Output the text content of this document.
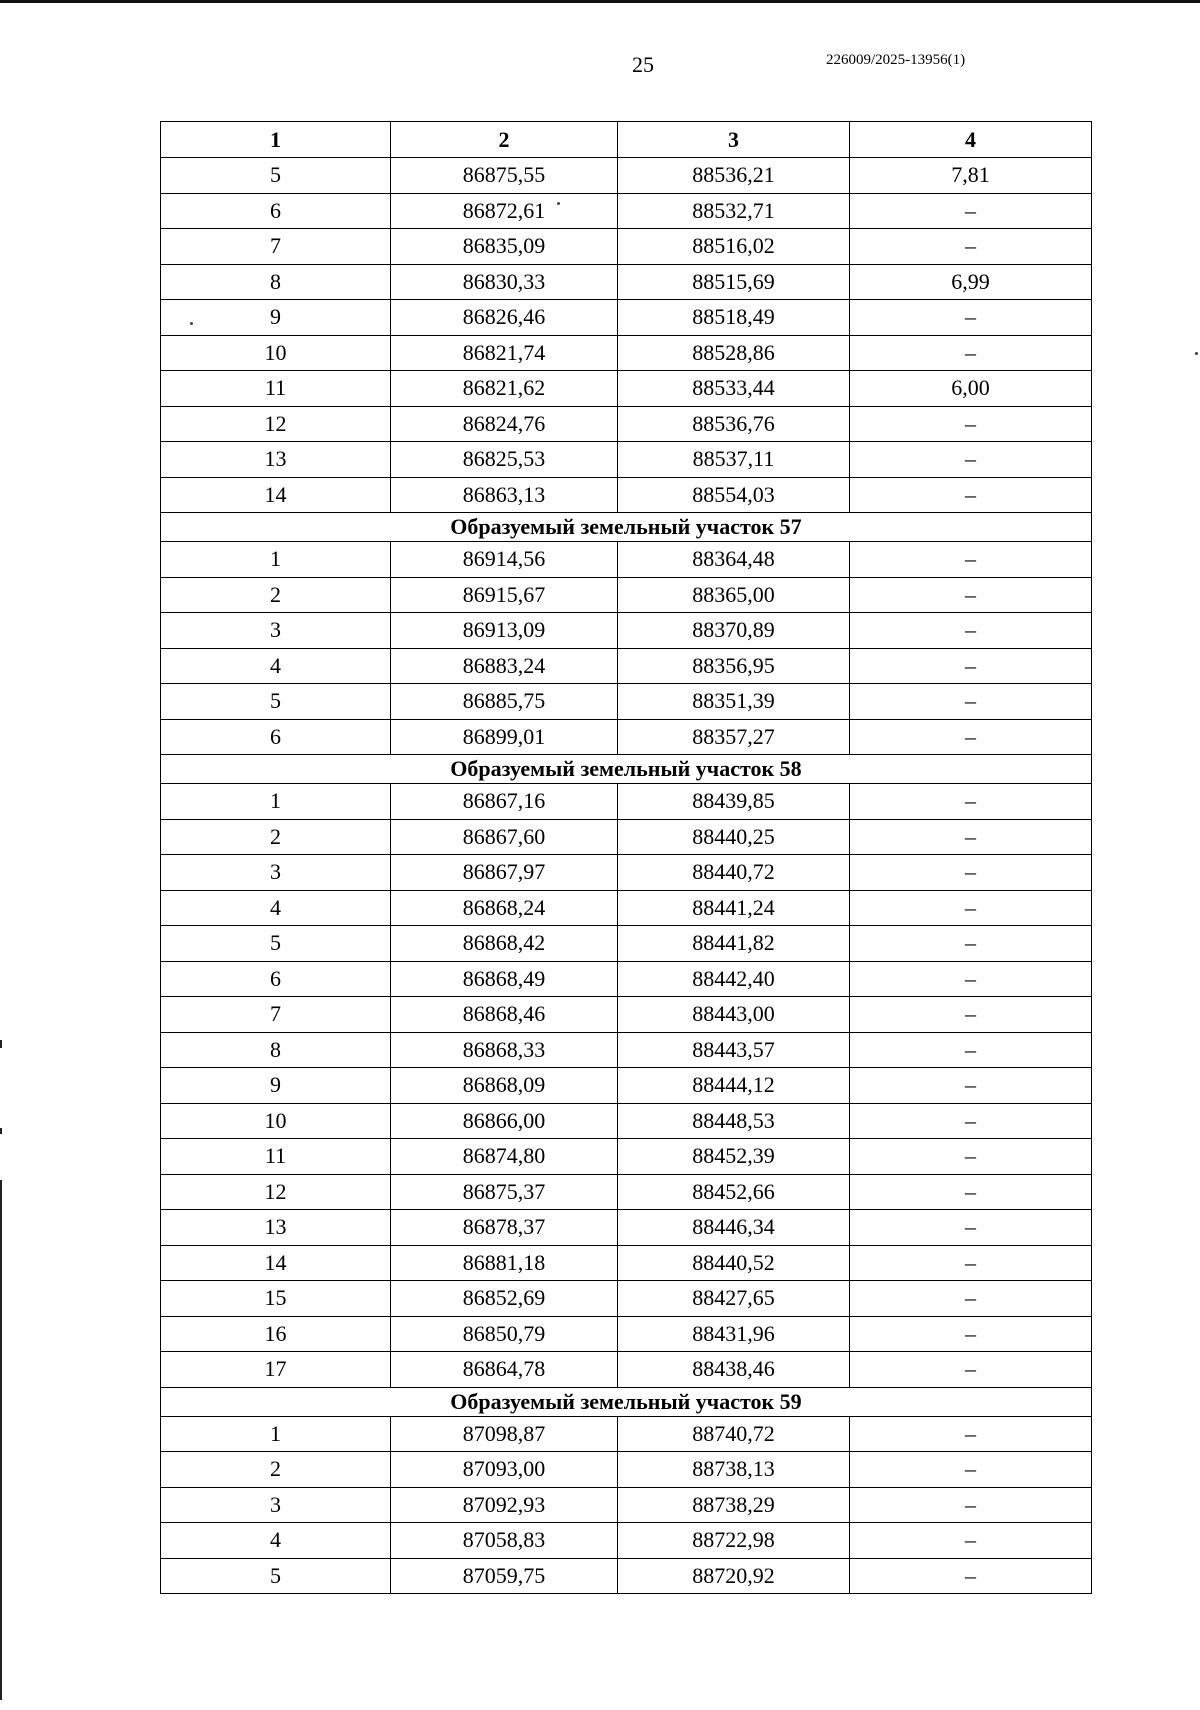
25	226009/2025-13956(1)
1	2	3	4
5	86875,55	88536,21	7,81
6	86872,61	88532,71	–
7	86835,09	88516,02	–
8	86830,33	88515,69	6,99
9	86826,46	88518,49	–
10	86821,74	88528,86	–
11	86821,62	88533,44	6,00
12	86824,76	88536,76	–
13	86825,53	88537,11	–
14	86863,13	88554,03	–
Образуемый земельный участок 57			
1	86914,56	88364,48	–
2	86915,67	88365,00	–
3	86913,09	88370,89	–
4	86883,24	88356,95	–
5	86885,75	88351,39	–
6	86899,01	88357,27	–
Образуемый земельный участок 58			
1	86867,16	88439,85	–
2	86867,60	88440,25	–
3	86867,97	88440,72	–
4	86868,24	88441,24	–
5	86868,42	88441,82	–
6	86868,49	88442,40	–
7	86868,46	88443,00	–
8	86868,33	88443,57	–
9	86868,09	88444,12	–
10	86866,00	88448,53	–
11	86874,80	88452,39	–
12	86875,37	88452,66	–
13	86878,37	88446,34	–
14	86881,18	88440,52	–
15	86852,69	88427,65	–
16	86850,79	88431,96	–
17	86864,78	88438,46	–
Образуемый земельный участок 59			
1	87098,87	88740,72	–
2	87093,00	88738,13	–
3	87092,93	88738,29	–
4	87058,83	88722,98	–
5	87059,75	88720,92	–
